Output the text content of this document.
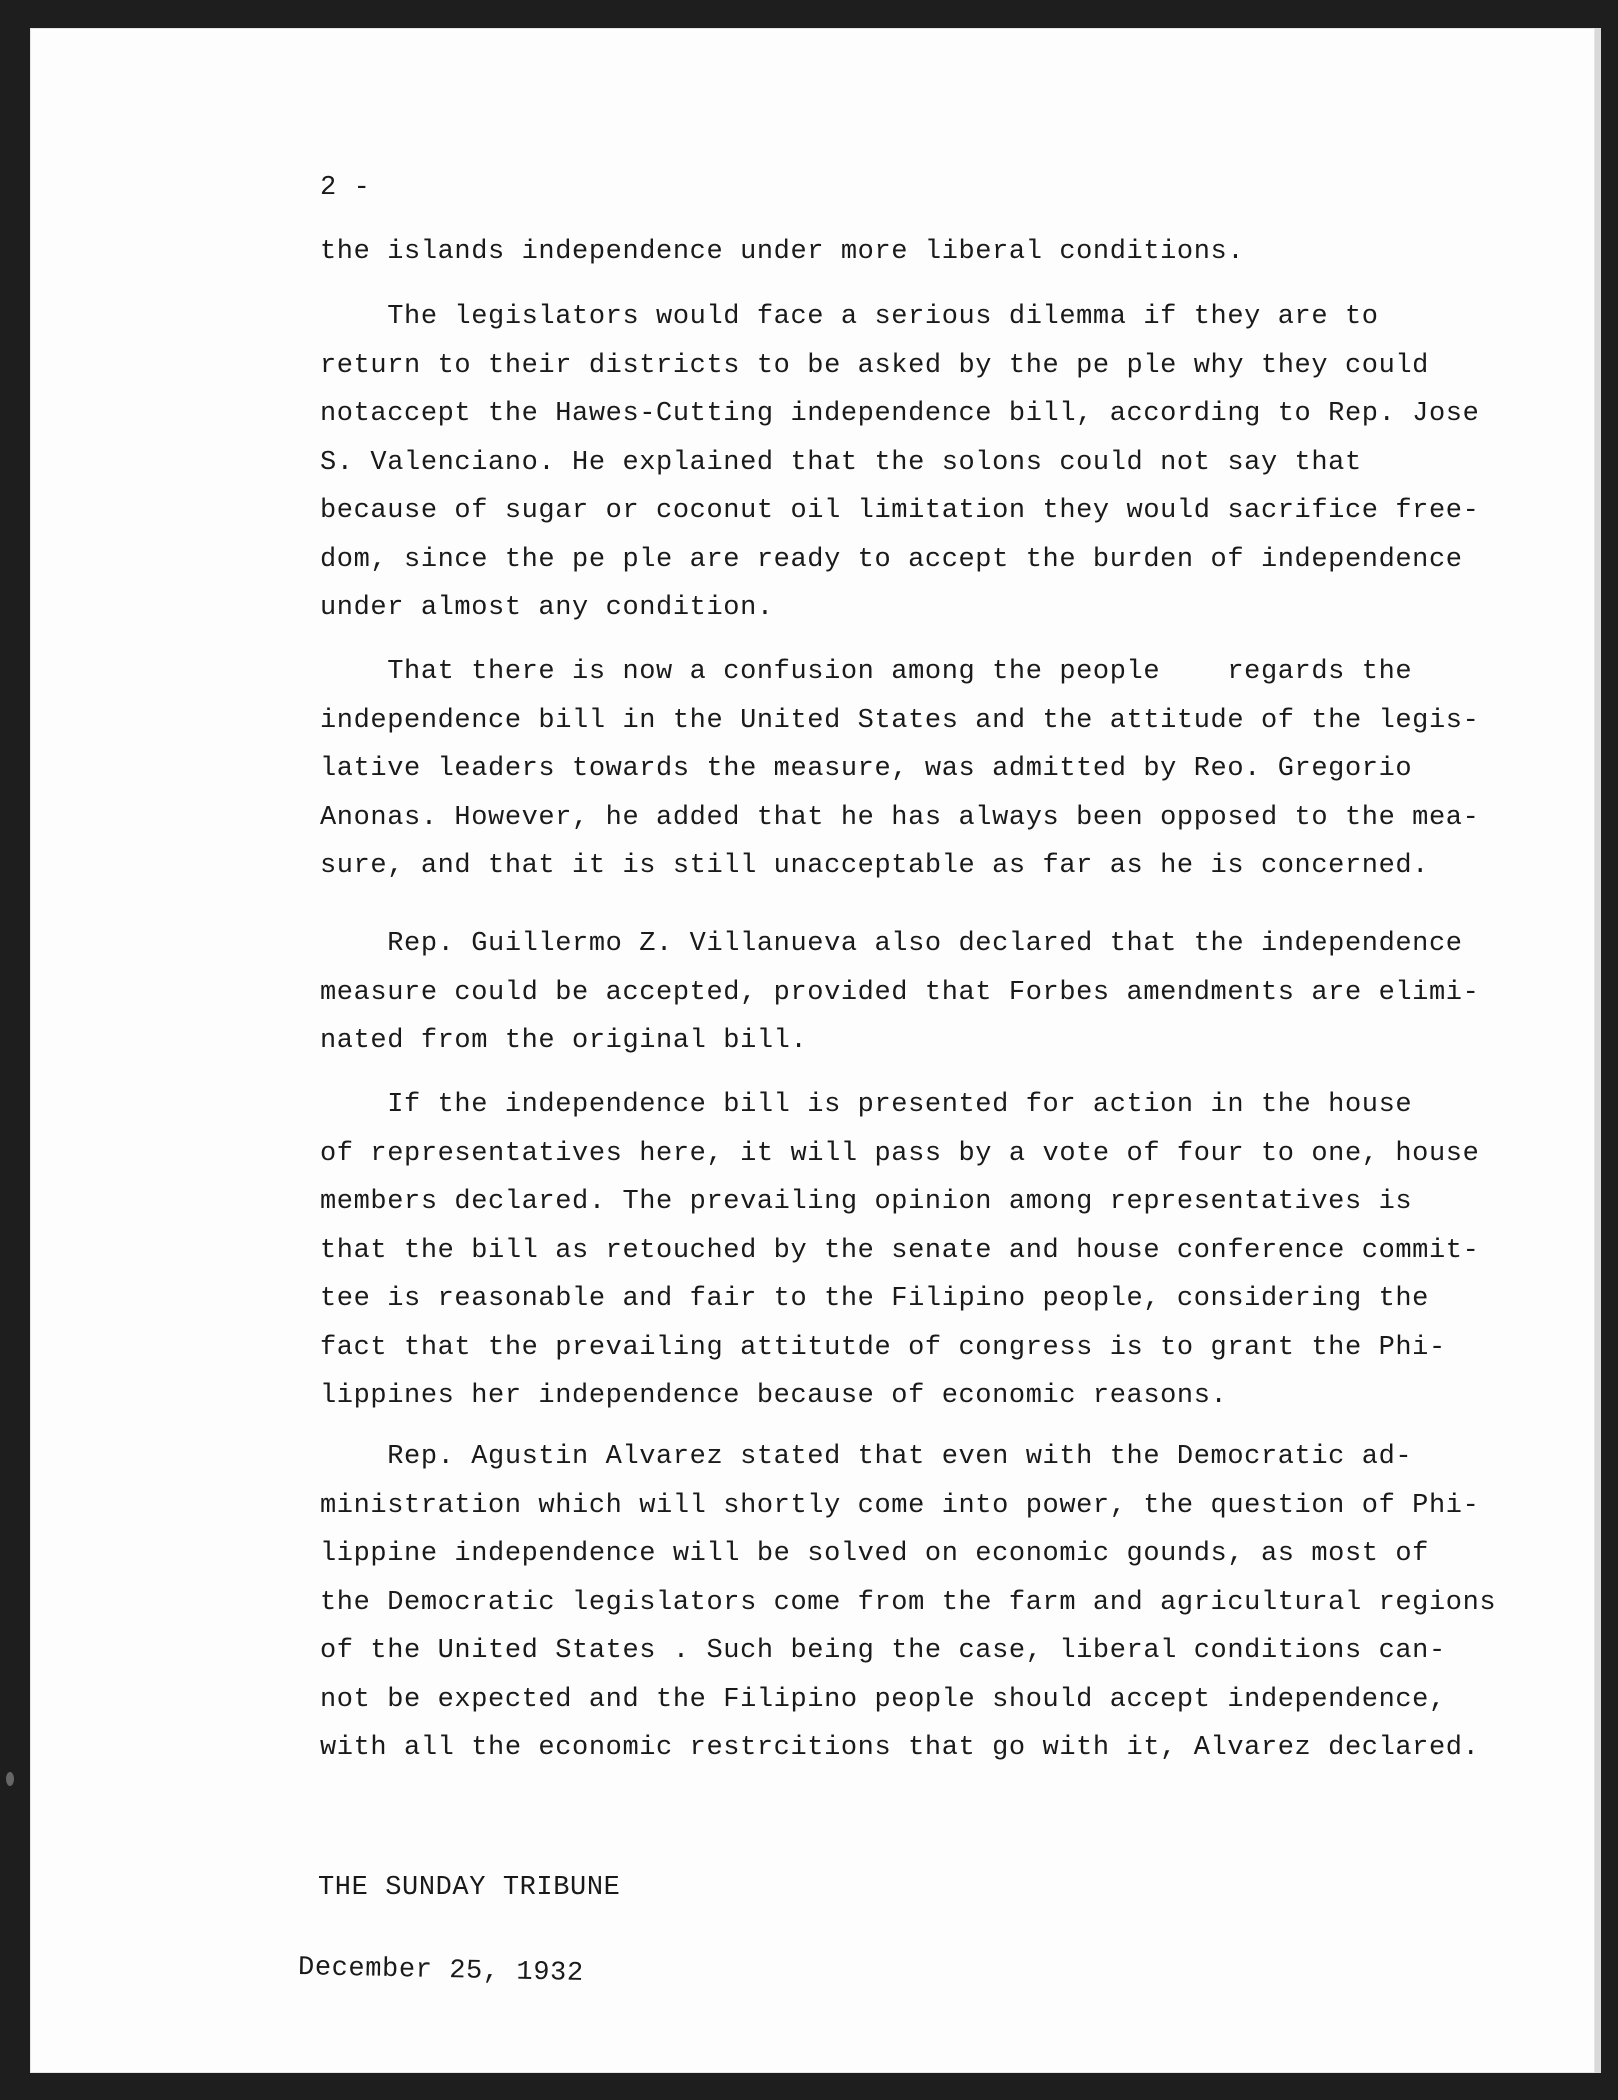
2 -
the islands independence under more liberal conditions.
The legislators would face a serious dilemma if they are to
return to their districts to be asked by the pe ple why they could
notaccept the Hawes-Cutting independence bill, according to Rep. Jose
S. Valenciano. He explained that the solons could not say that
because of sugar or coconut oil limitation they would sacrifice free-
dom, since the pe ple are ready to accept the burden of independence
under almost any condition.
That there is now a confusion among the people    regards the
independence bill in the United States and the attitude of the legis-
lative leaders towards the measure, was admitted by Reo. Gregorio
Anonas. However, he added that he has always been opposed to the mea-
sure, and that it is still unacceptable as far as he is concerned.
Rep. Guillermo Z. Villanueva also declared that the independence
measure could be accepted, provided that Forbes amendments are elimi-
nated from the original bill.
If the independence bill is presented for action in the house
of representatives here, it will pass by a vote of four to one, house
members declared. The prevailing opinion among representatives is
that the bill as retouched by the senate and house conference commit-
tee is reasonable and fair to the Filipino people, considering the
fact that the prevailing attitutde of congress is to grant the Phi-
lippines her independence because of economic reasons.
Rep. Agustin Alvarez stated that even with the Democratic ad-
ministration which will shortly come into power, the question of Phi-
lippine independence will be solved on economic gounds, as most of
the Democratic legislators come from the farm and agricultural regions
of the United States . Such being the case, liberal conditions can-
not be expected and the Filipino people should accept independence,
with all the economic restrcitions that go with it, Alvarez declared.
THE SUNDAY TRIBUNE
December 25, 1932
